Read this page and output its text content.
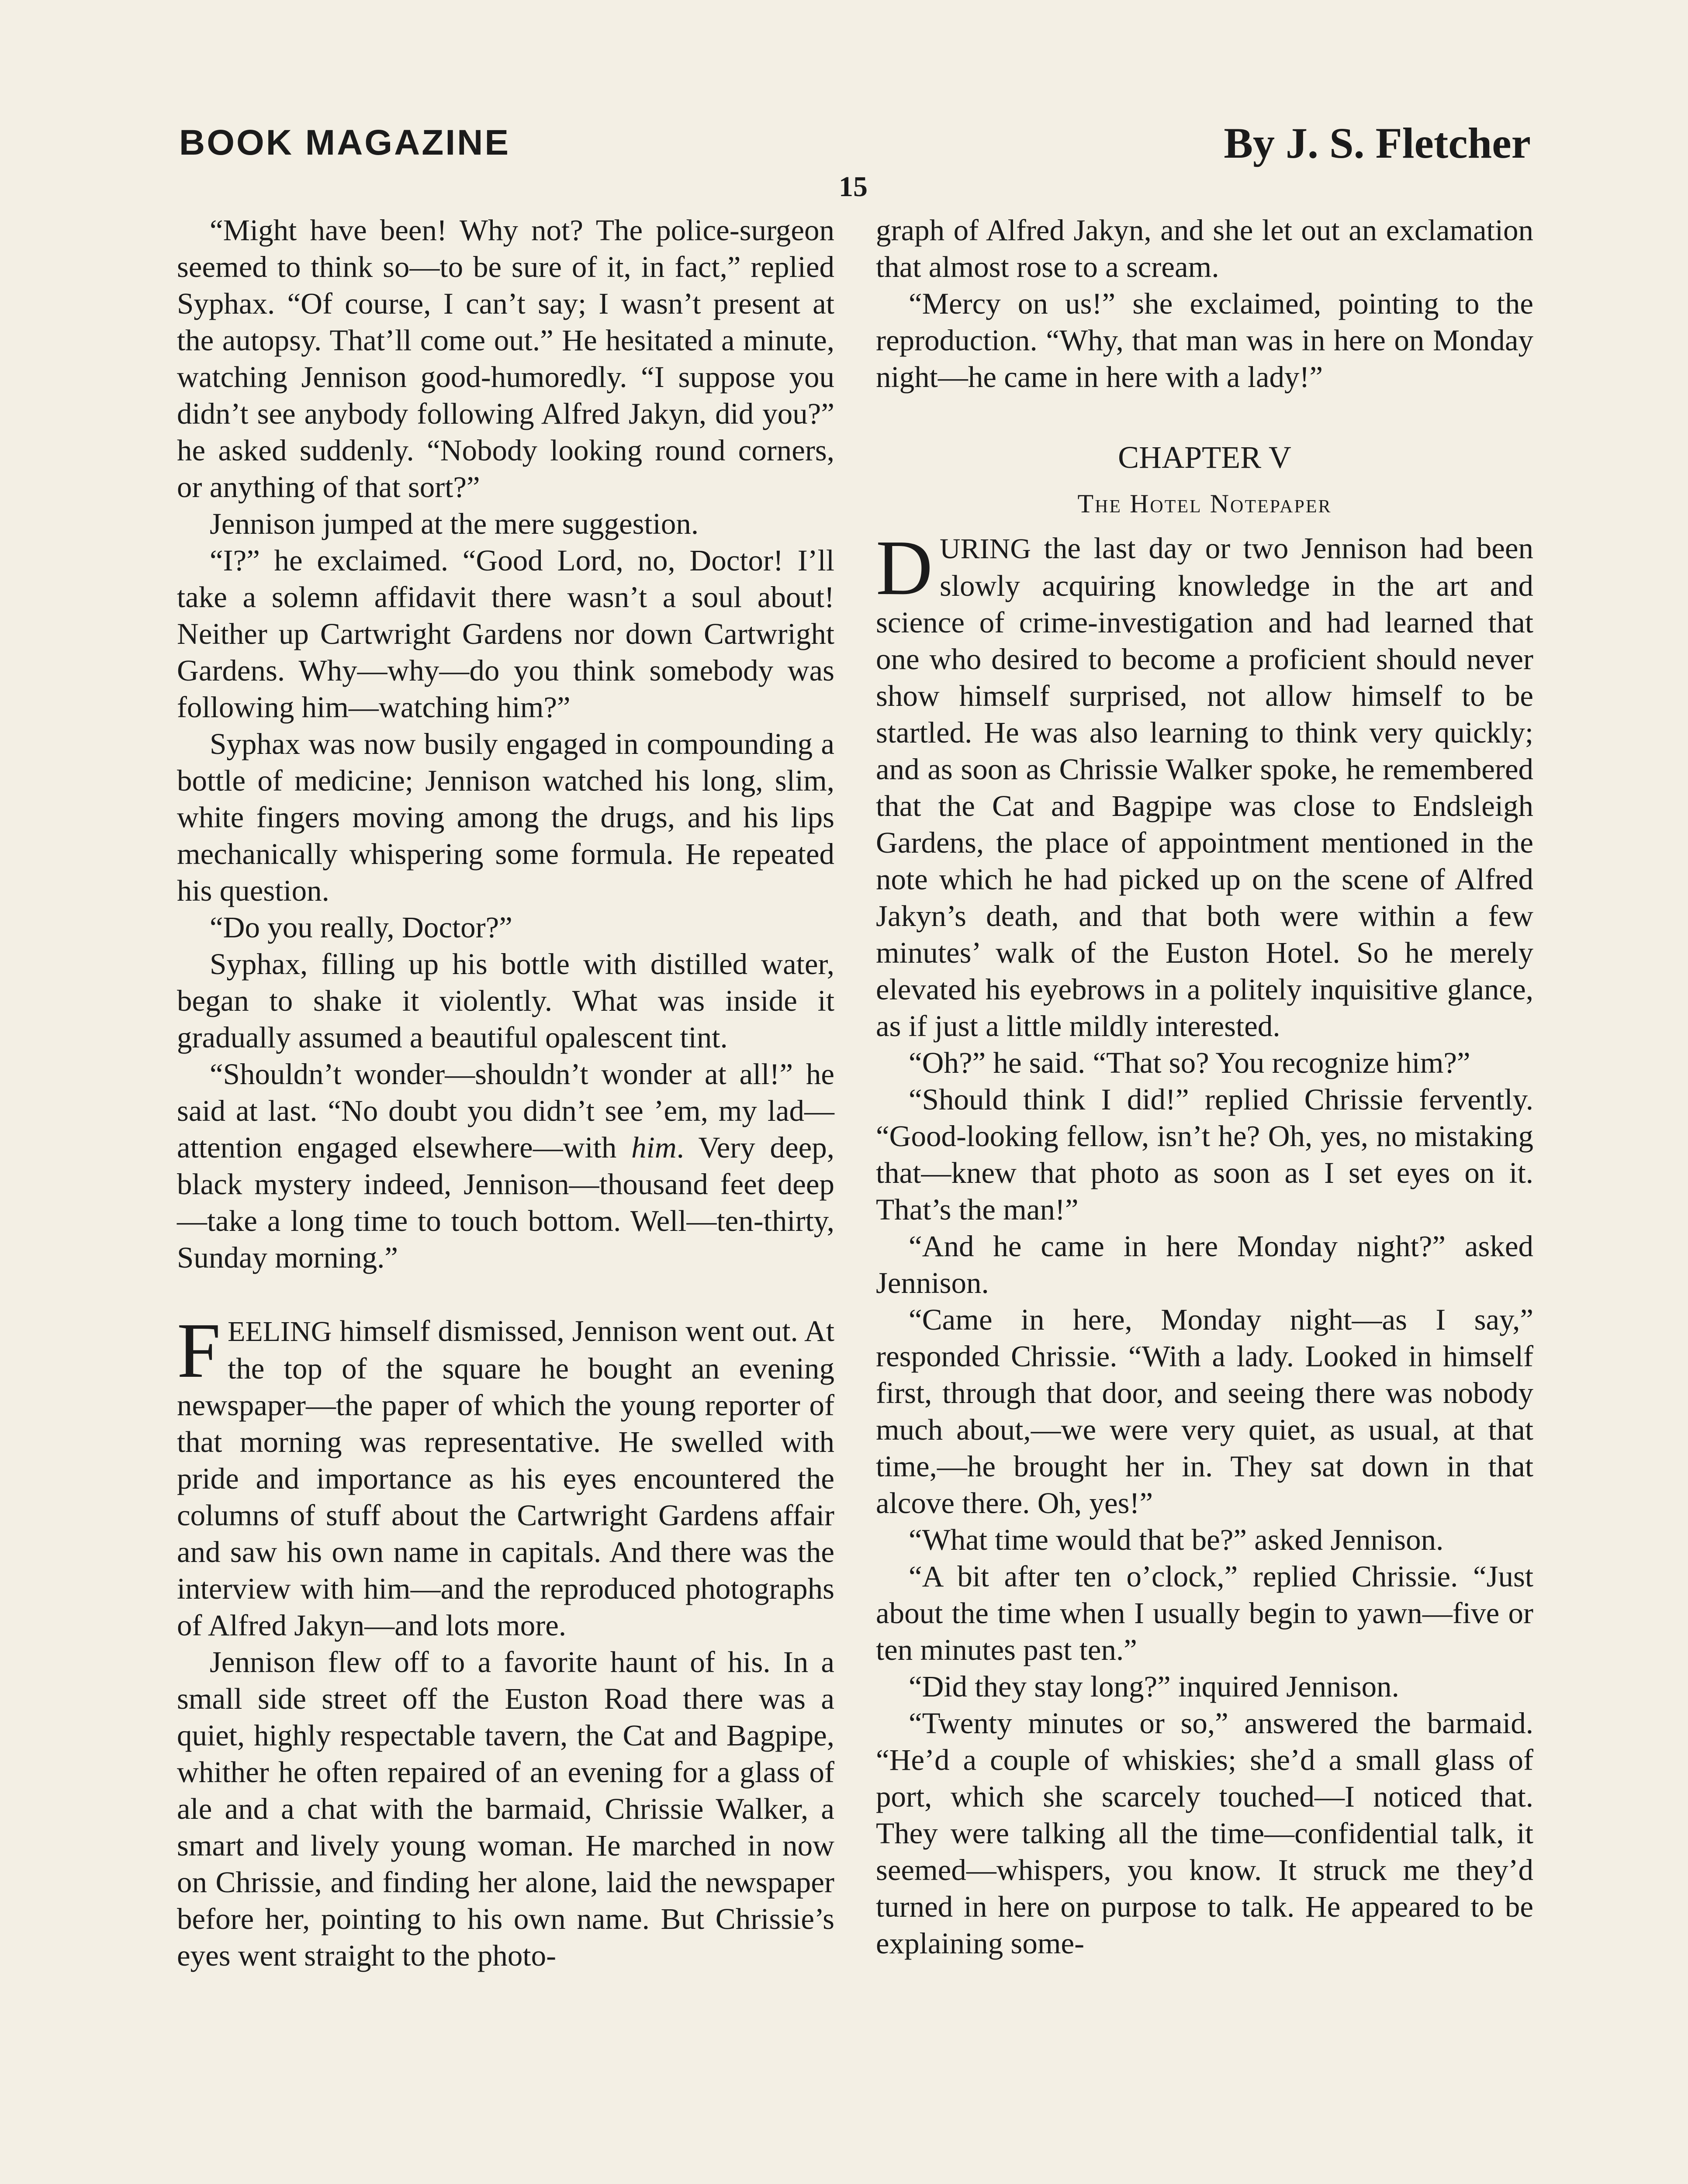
BOOK MAGAZINE	By J. S. Fletcher
15

“Might have been! Why not? The police-surgeon seemed to think so—to be sure of it, in fact,” replied Syphax. “Of course, I can’t say; I wasn’t present at the autopsy. That’ll come out.” He hesitated a minute, watching Jennison good-humoredly. “I suppose you didn’t see anybody following Alfred Jakyn, did you?” he asked suddenly. “Nobody looking round corners, or anything of that sort?”

Jennison jumped at the mere suggestion.

“I?” he exclaimed. “Good Lord, no, Doctor! I’ll take a solemn affidavit there wasn’t a soul about! Neither up Cartwright Gardens nor down Cartwright Gardens. Why—why—do you think somebody was following him—watching him?”

Syphax was now busily engaged in compounding a bottle of medicine; Jennison watched his long, slim, white fingers moving among the drugs, and his lips mechanically whispering some formula. He repeated his question.

“Do you really, Doctor?”

Syphax, filling up his bottle with distilled water, began to shake it violently. What was inside it gradually assumed a beautiful opalescent tint.

“Shouldn’t wonder—shouldn’t wonder at all!” he said at last. “No doubt you didn’t see ’em, my lad—attention engaged elsewhere—with him. Very deep, black mystery indeed, Jennison—thousand feet deep—take a long time to touch bottom. Well—ten-thirty, Sunday morning.”

FEELING himself dismissed, Jennison went out. At the top of the square he bought an evening newspaper—the paper of which the young reporter of that morning was representative. He swelled with pride and importance as his eyes encountered the columns of stuff about the Cartwright Gardens affair and saw his own name in capitals. And there was the interview with him—and the reproduced photographs of Alfred Jakyn—and lots more.

Jennison flew off to a favorite haunt of his. In a small side street off the Euston Road there was a quiet, highly respectable tavern, the Cat and Bagpipe, whither he often repaired of an evening for a glass of ale and a chat with the barmaid, Chrissie Walker, a smart and lively young woman. He marched in now on Chrissie, and finding her alone, laid the newspaper before her, pointing to his own name. But Chrissie’s eyes went straight to the photo-

graph of Alfred Jakyn, and she let out an exclamation that almost rose to a scream.

“Mercy on us!” she exclaimed, pointing to the reproduction. “Why, that man was in here on Monday night—he came in here with a lady!”

CHAPTER V

The Hotel Notepaper

DURING the last day or two Jennison had been slowly acquiring knowledge in the art and science of crime-investigation and had learned that one who desired to become a proficient should never show himself surprised, not allow himself to be startled. He was also learning to think very quickly; and as soon as Chrissie Walker spoke, he remembered that the Cat and Bagpipe was close to Endsleigh Gardens, the place of appointment mentioned in the note which he had picked up on the scene of Alfred Jakyn’s death, and that both were within a few minutes’ walk of the Euston Hotel. So he merely elevated his eyebrows in a politely inquisitive glance, as if just a little mildly interested.

“Oh?” he said. “That so? You recognize him?”

“Should think I did!” replied Chrissie fervently. “Good-looking fellow, isn’t he? Oh, yes, no mistaking that—knew that photo as soon as I set eyes on it. That’s the man!”

“And he came in here Monday night?” asked Jennison.

“Came in here, Monday night—as I say,” responded Chrissie. “With a lady. Looked in himself first, through that door, and seeing there was nobody much about,—we were very quiet, as usual, at that time,—he brought her in. They sat down in that alcove there. Oh, yes!”

“What time would that be?” asked Jennison.

“A bit after ten o’clock,” replied Chrissie. “Just about the time when I usually begin to yawn—five or ten minutes past ten.”

“Did they stay long?” inquired Jennison.

“Twenty minutes or so,” answered the barmaid. “He’d a couple of whiskies; she’d a small glass of port, which she scarcely touched—I noticed that. They were talking all the time—confidential talk, it seemed—whispers, you know. It struck me they’d turned in here on purpose to talk. He appeared to be explaining some-
